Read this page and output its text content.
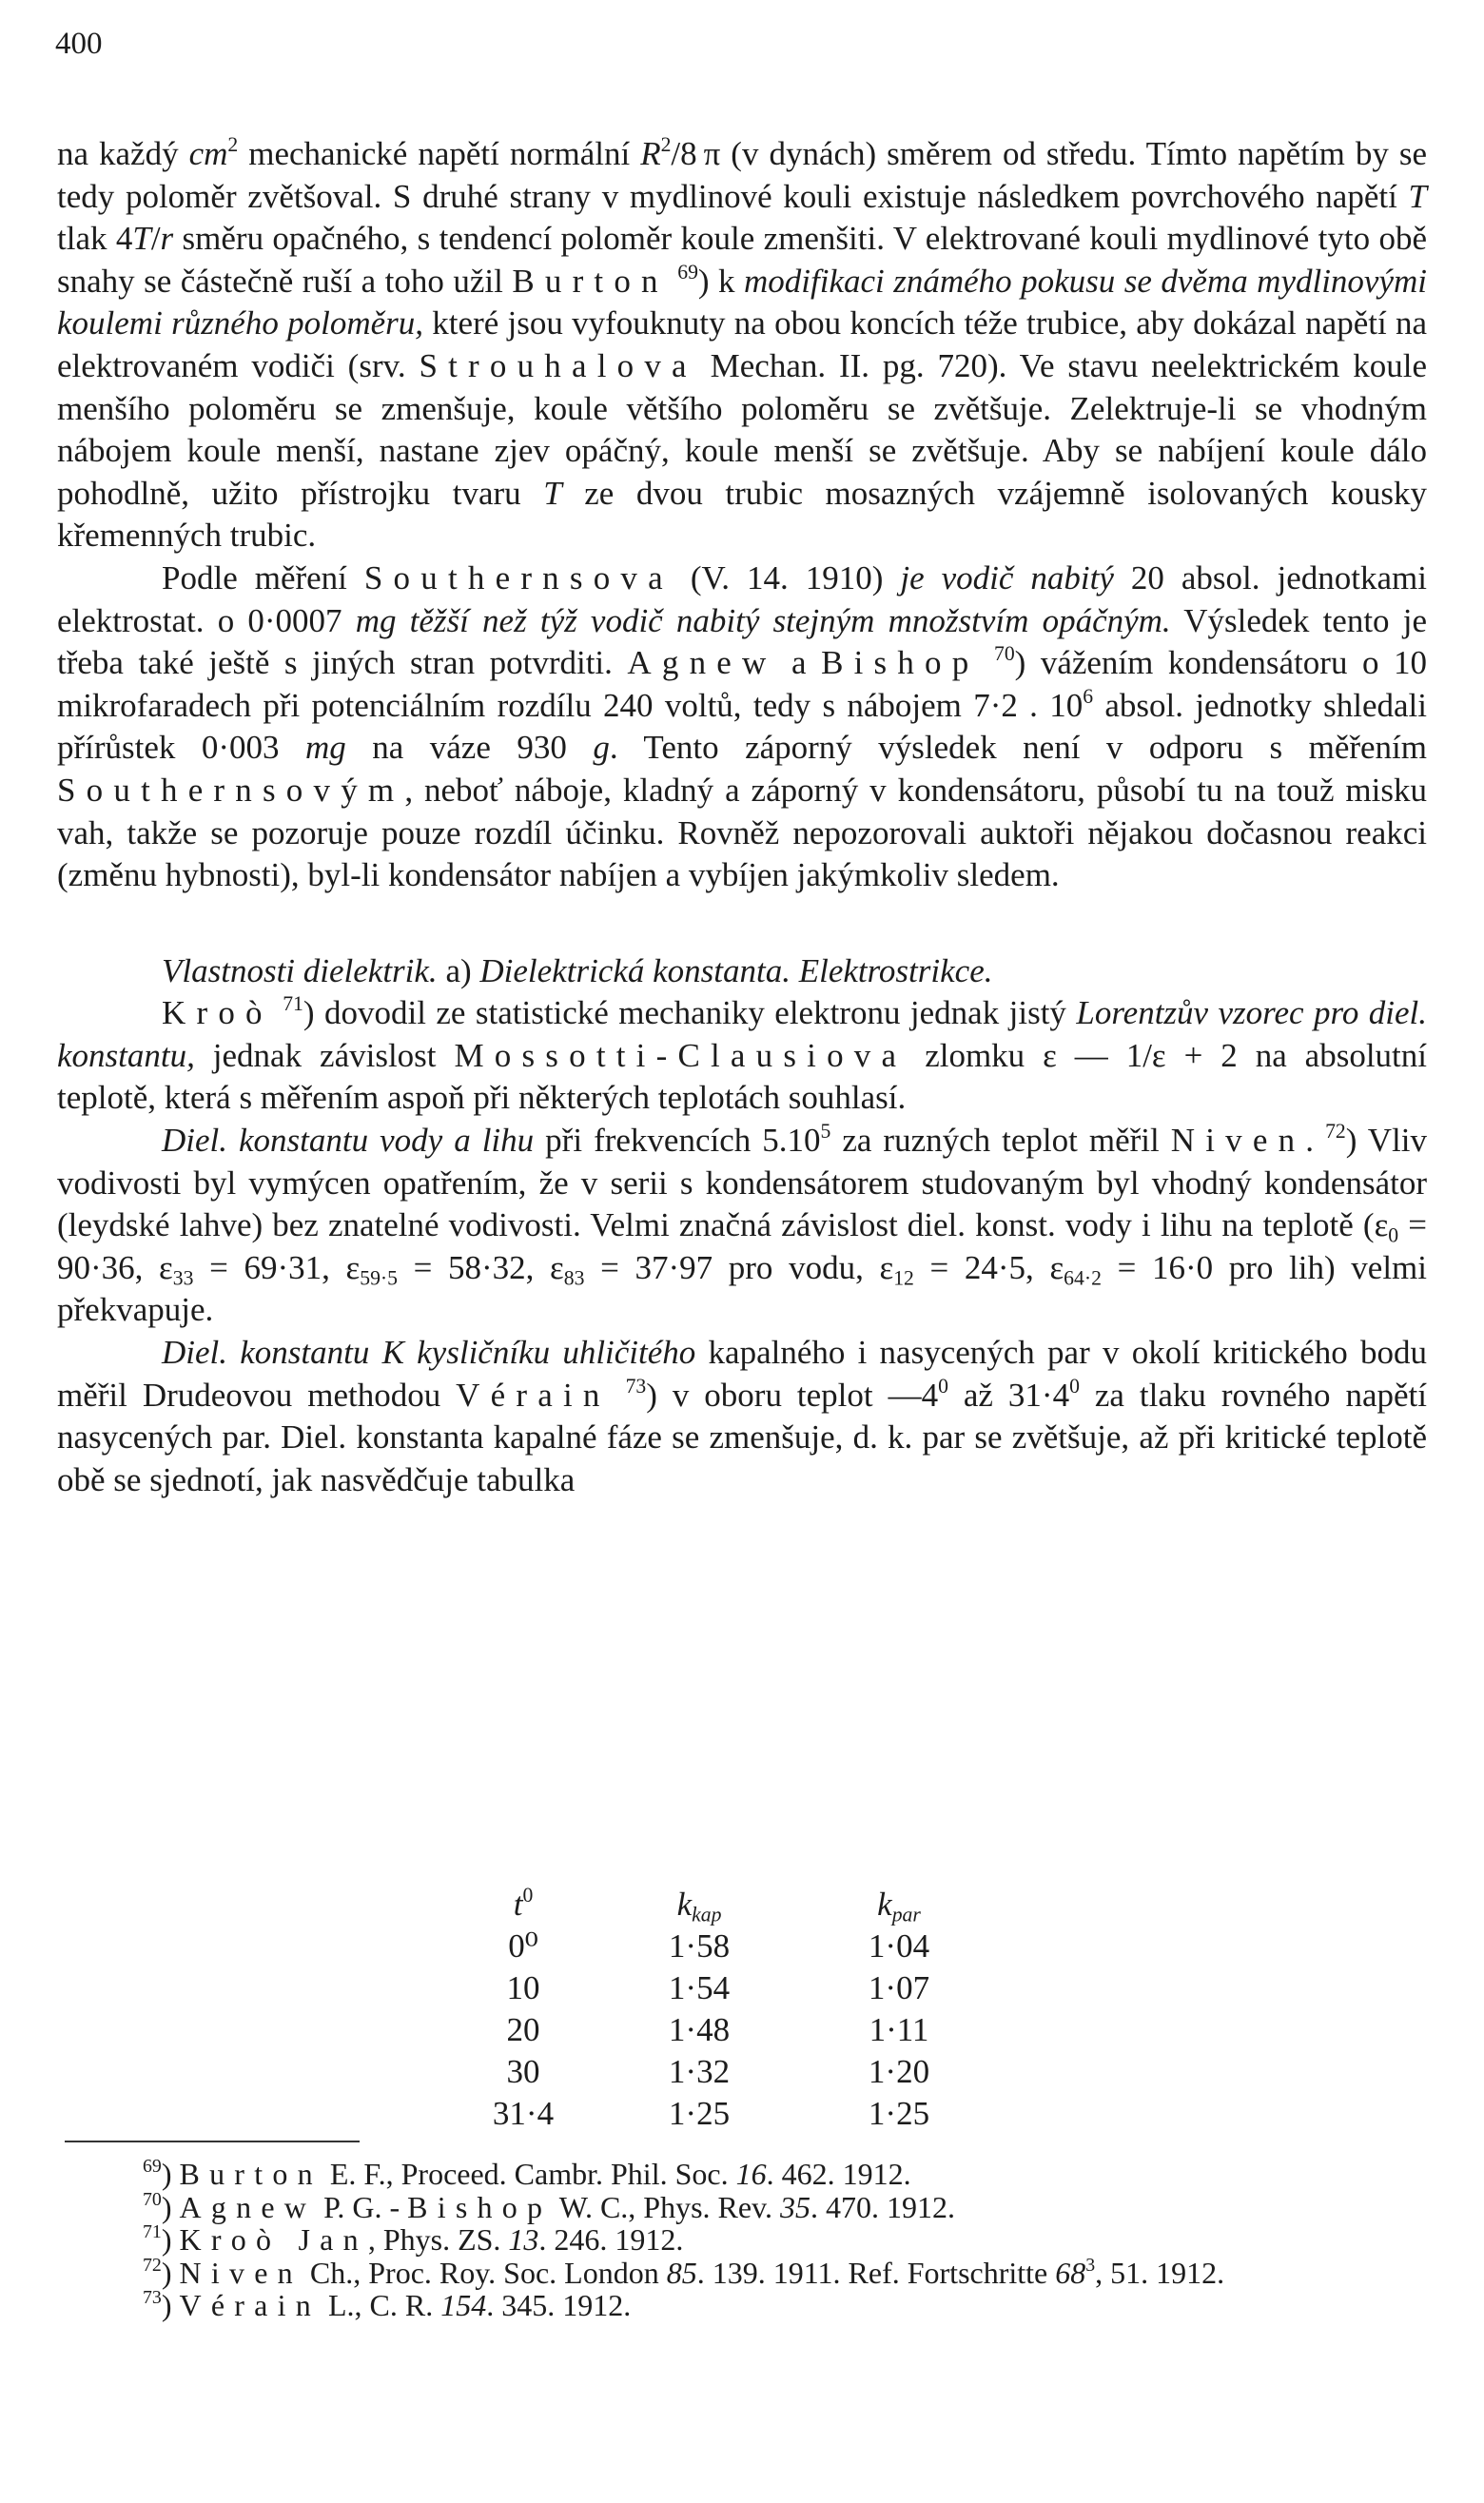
400

na každý $cm^2$ mechanické napětí normální $R^2/8$ π (v dynách) směrem od středu. Tímto napětím by se tedy poloměr zvětšoval. S druhé strany v mydlinové kouli existuje následkem povrchového napětí T tlak 4T/r směru opačného, s tendencí poloměr koule zmenšiti. V elektrované kouli mydlinové tyto obě snahy se částečně ruší a toho užil Burton $^{69}$) k modifikaci známého pokusu se dvěma mydlinovými koulemi různého poloměru, které jsou vyfouknuty na obou koncích téže trubice, aby dokázal napětí na elektrovaném vodiči (srv. Strouhalova Mechan. II. pg. 720). Ve stavu neelektrickém koule menšího poloměru se zmenšuje, koule většího poloměru se zvětšuje. Zelektruje-li se vhodným nábojem koule menší, nastane zjev opáčný, koule menší se zvětšuje. Aby se nabíjení koule dálo pohodlně, užito přístrojku tvaru T ze dvou trubic mosazných vzájemně isolovaných kousky křemenných trubic.

Podle měření Southernsova (V. 14. 1910) je vodič nabitý 20 absol. jednotkami elektrostat. o 0·0007 mg těžší než týž vodič nabitý stejným množstvím opáčným. Výsledek tento je třeba také ještě s jiných stran potvrditi. Agnew a Bishop $^{70}$) vážením kondensátoru o 10 mikrofaradech při potenciálním rozdílu 240 voltů, tedy s nábojem 7·2 . $10^6$ absol. jednotky shledali přírůstek 0·003 mg na váze 930 g. Tento záporný výsledek není v odporu s měřením Southernsovým, neboť náboje, kladný a záporný v kondensátoru, působí tu na touž misku vah, takže se pozoruje pouze rozdíl účinku. Rovněž nepozorovali auktoři nějakou dočasnou reakci (změnu hybnosti), byl-li kondensátor nabíjen a vybíjen jakýmkoliv sledem.

Vlastnosti dielektrik. a) Dielektrická konstanta. Elektrostrikce.

Kroò $^{71}$) dovodil ze statistické mechaniky elektronu jednak jistý Lorentzův vzorec pro diel. konstantu, jednak závislost Mossotti-Clausiova zlomku ε — 1/ε + 2 na absolutní teplotě, která s měřením aspoň při některých teplotách souhlasí.

Diel. konstantu vody a lihu při frekvencích 5.10$^5$ za ruzných teplot měřil Niven. $^{72}$) Vliv vodivosti byl vymýcen opatřením, že v serii s kondensátorem studovaným byl vhodný kondensátor (leydské lahve) bez znatelné vodivosti. Velmi značná závislost diel. konst. vody i lihu na teplotě ($\varepsilon_0 = 90\cdot 36$, $\varepsilon_{33} = 69\cdot 31$, $\varepsilon_{59\cdot 5} = 58\cdot 32$, $\varepsilon_{83} = 37\cdot 97$ pro vodu, $\varepsilon_{12} = 24\cdot 5$, $\varepsilon_{64\cdot 2} = 16\cdot 0$ pro lih) velmi překvapuje.

Diel. konstantu K kysličníku uhličitého kapalného i nasycených par v okolí kritického bodu měřil Drudeovou methodou Vérain $^{73}$) v oboru teplot $—4^0$ až $31\cdot 4^0$ za tlaku rovného napětí nasycených par. Diel. konstanta kapalné fáze se zmenšuje, d. k. par se zvětšuje, až při kritické teplotě obě se sjednotí, jak nasvědčuje tabulka

$t^0$	$k_{kap}$	$k_{par}$
0⁰	1·58	1·04
10	1·54	1·07
20	1·48	1·11
30	1·32	1·20
31·4	1·25	1·25

$^{69}$) Burton E. F., Proceed. Cambr. Phil. Soc. 16. 462. 1912.

$^{70}$) Agnew P. G. - Bishop W. C., Phys. Rev. 35. 470. 1912.

$^{71}$) Kroò Jan, Phys. ZS. 13. 246. 1912.

$^{72}$) Niven Ch., Proc. Roy. Soc. London 85. 139. 1911. Ref. Fortschritte $68^3$, 51. 1912.

$^{73}$) Vérain L., C. R. 154. 345. 1912.
